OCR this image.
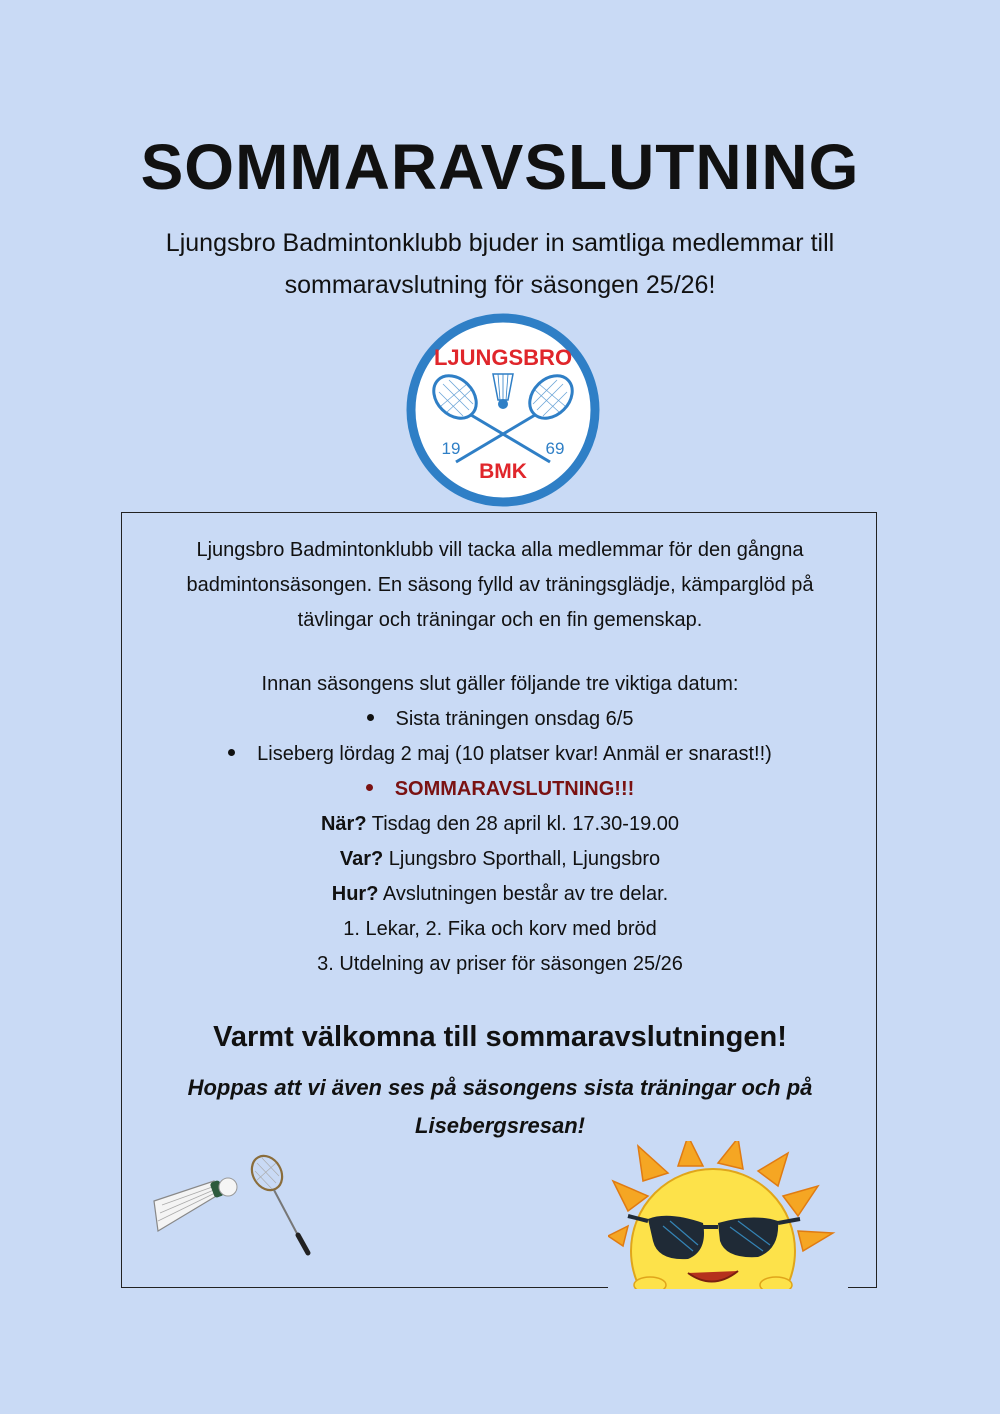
SOMMARAVSLUTNING

Ljungsbro Badmintonklubb bjuder in samtliga medlemmar till
sommaravslutning för säsongen 25/26!

LJUNGSBRO
19	69
BMK

Ljungsbro Badmintonklubb vill tacka alla medlemmar för den gångna
badmintonsäsongen. En säsong fylld av träningsglädje, kämparglöd på
tävlingar och träningar och en fin gemenskap.

Innan säsongens slut gäller följande tre viktiga datum:

Sista träningen onsdag 6/5
Liseberg lördag 2 maj (10 platser kvar! Anmäl er snarast!!)
SOMMARAVSLUTNING!!!
När? Tisdag den 28 april kl. 17.30-19.00
Var? Ljungsbro Sporthall, Ljungsbro
Hur? Avslutningen består av tre delar.
1. Lekar, 2. Fika och korv med bröd
3. Utdelning av priser för säsongen 25/26

Varmt välkomna till sommaravslutningen!

Hoppas att vi även ses på säsongens sista träningar och på
Lisebergsresan!
